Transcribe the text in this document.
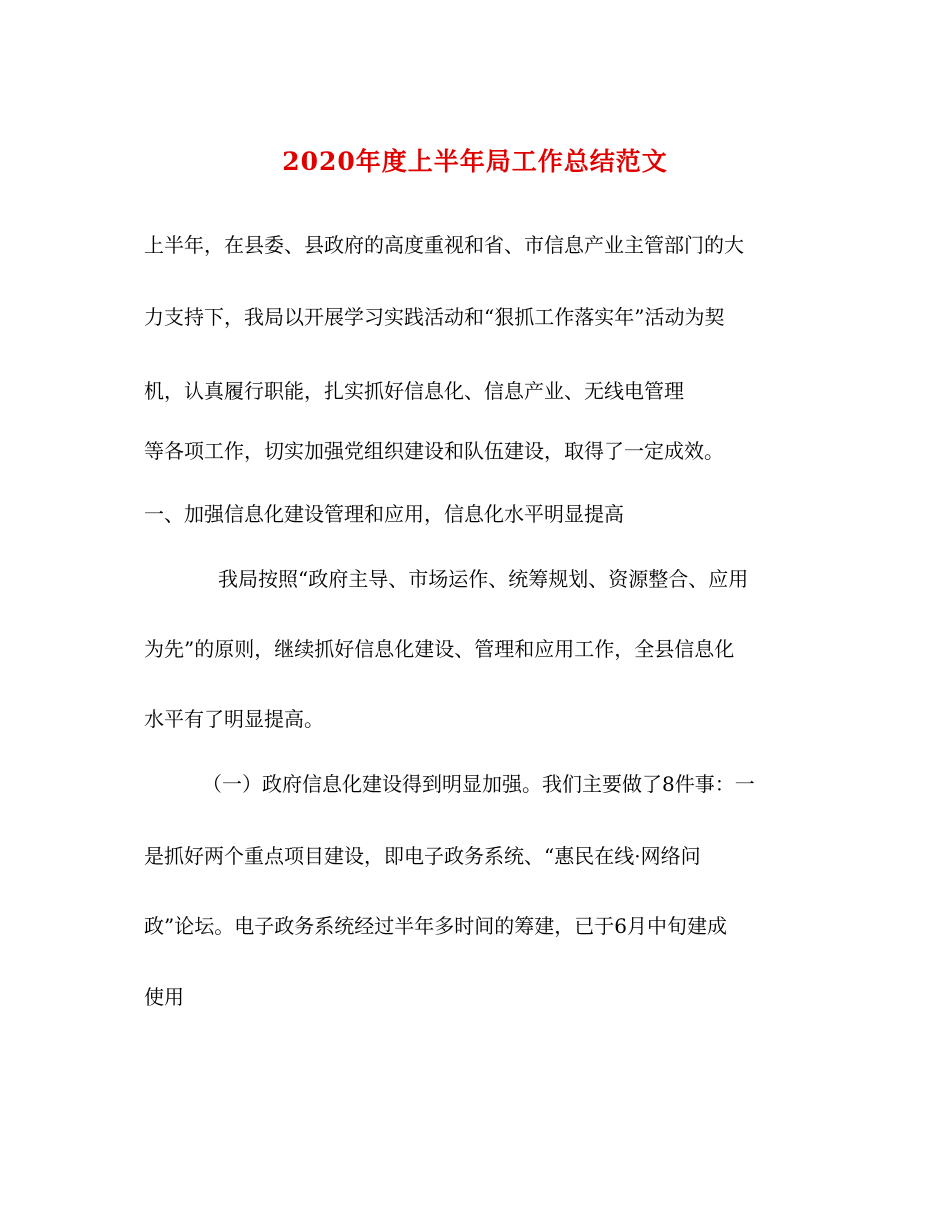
2020年度上半年局工作总结范文
上半年，在县委、县政府的高度重视和省、市信息产业主管部门的大
力支持下，我局以开展学习实践活动和“狠抓工作落实年”活动为契
机，认真履行职能，扎实抓好信息化、信息产业、无线电管理
等各项工作，切实加强党组织建设和队伍建设，取得了一定成效。
一、加强信息化建设管理和应用，信息化水平明显提高
我局按照“政府主导、市场运作、统筹规划、资源整合、应用
为先”的原则，继续抓好信息化建设、管理和应用工作，全县信息化
水平有了明显提高。
（一）政府信息化建设得到明显加强。我们主要做了8件事：一
是抓好两个重点项目建设，即电子政务系统、“惠民在线·网络问
政”论坛。电子政务系统经过半年多时间的筹建，已于6月中旬建成
使用
